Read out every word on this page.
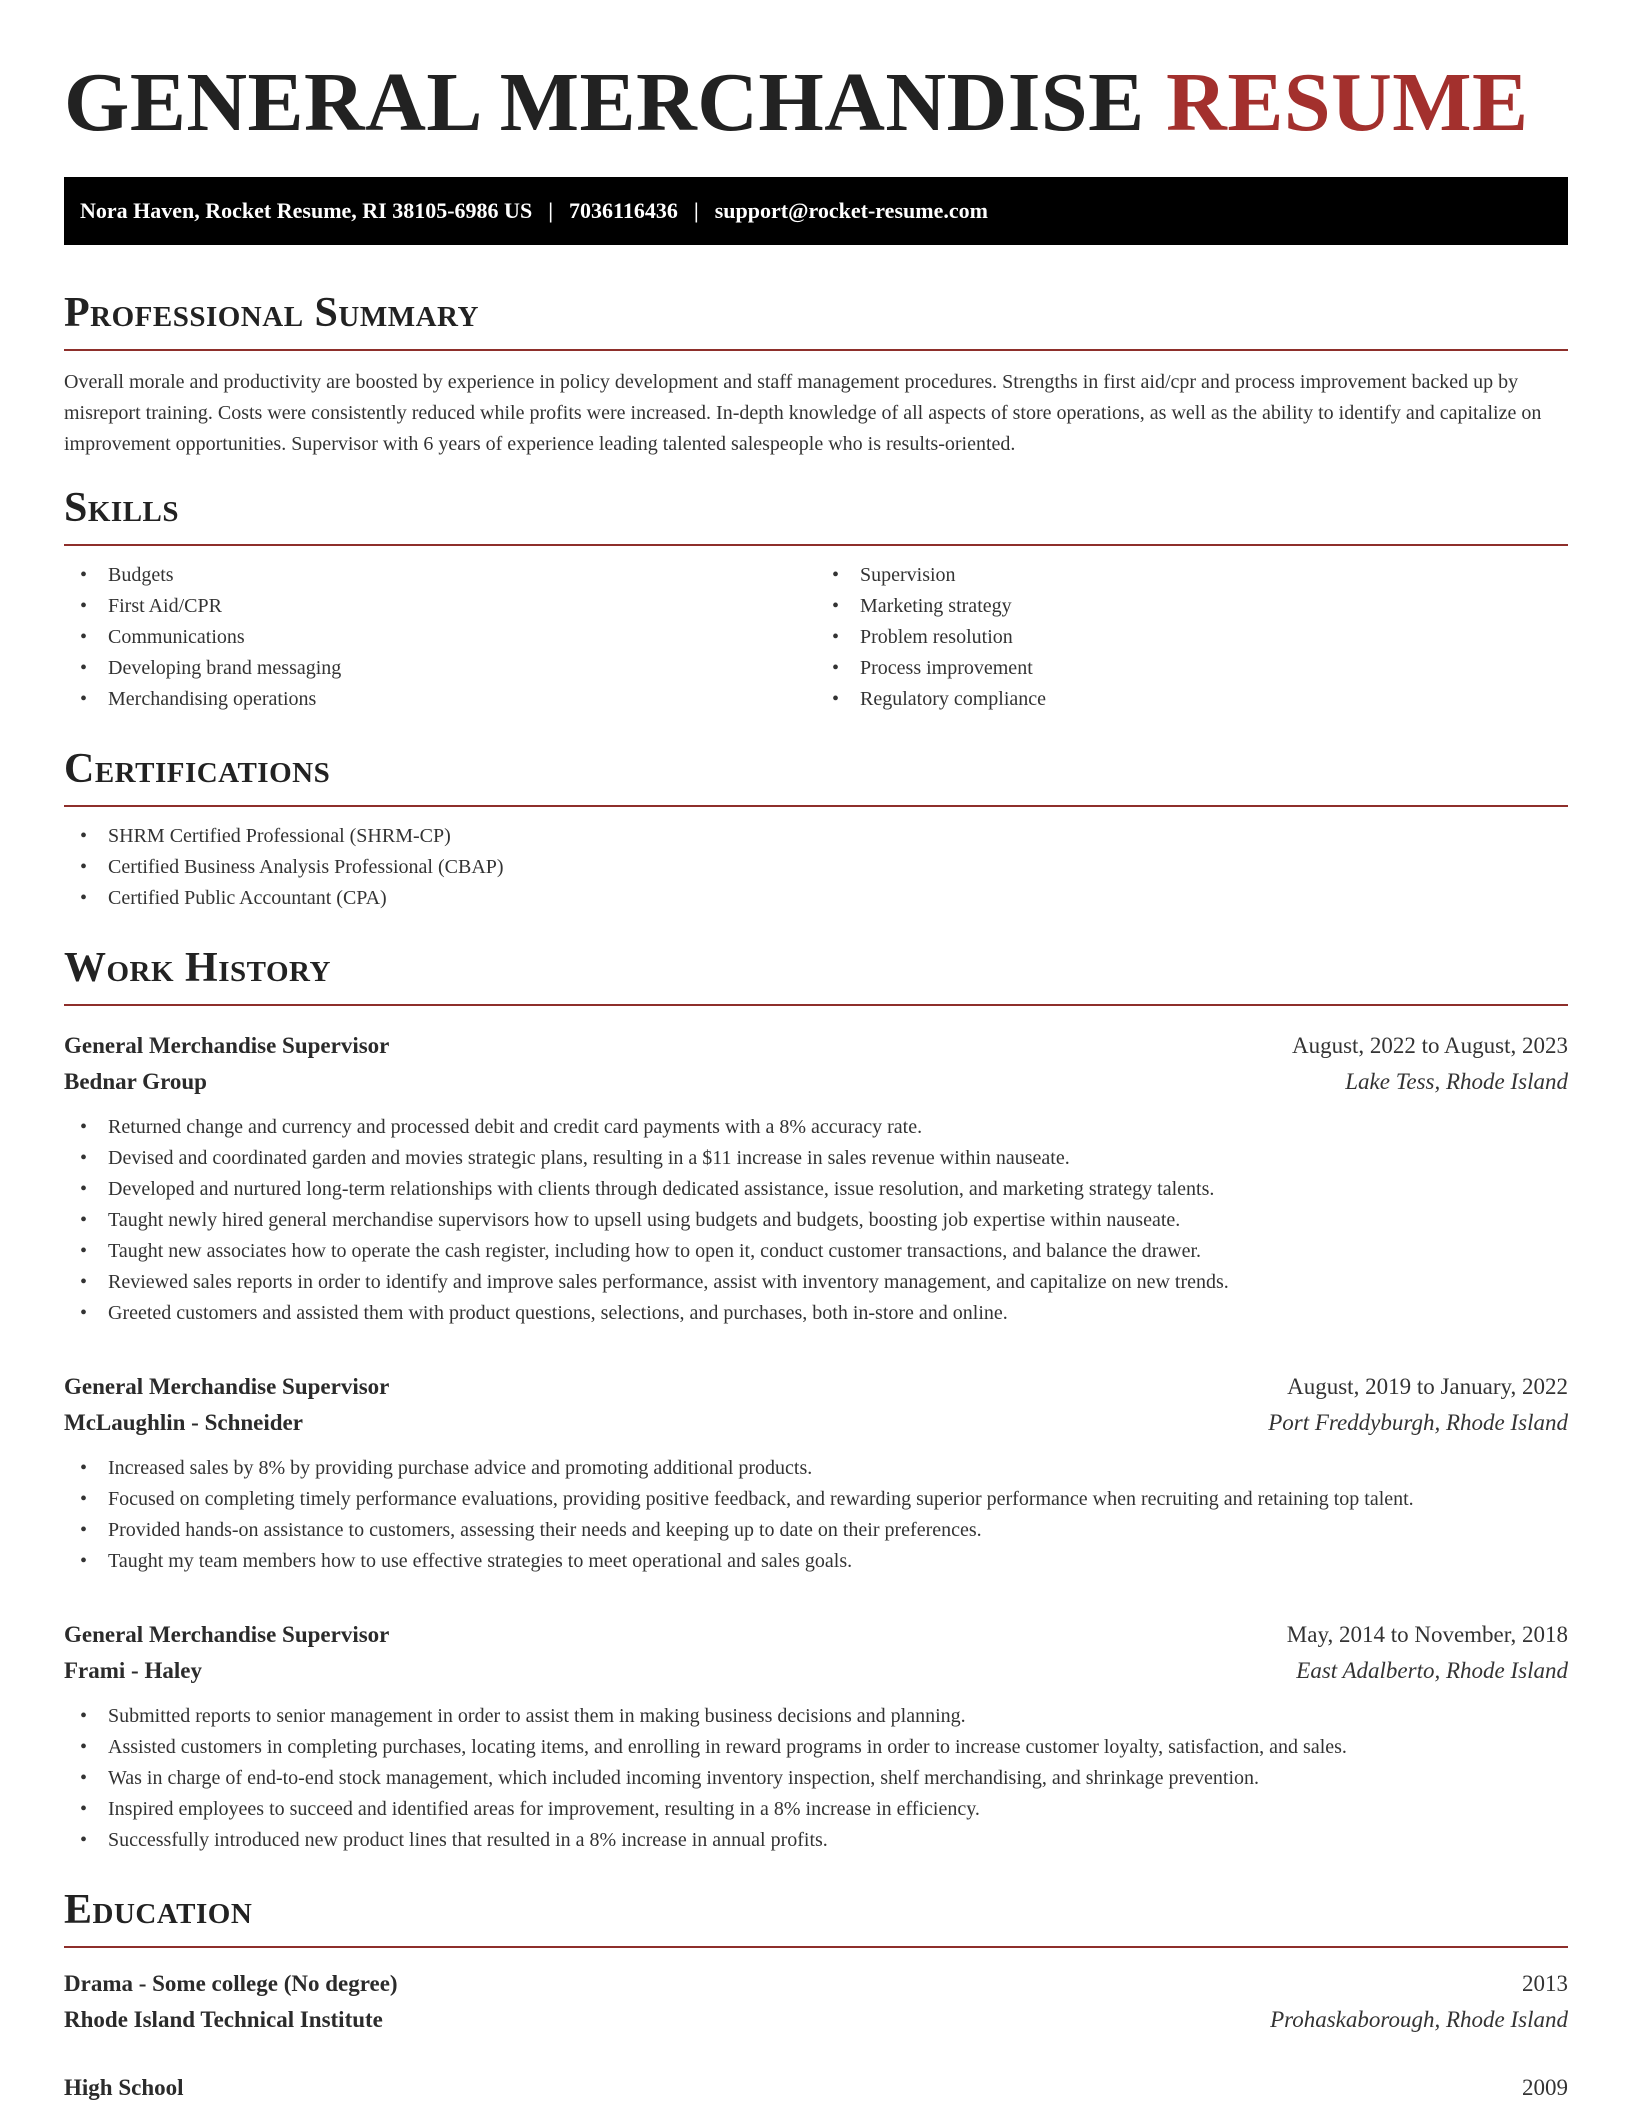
GENERAL MERCHANDISE RESUME
Nora Haven, Rocket Resume, RI 38105-6986 US | 7036116436 | support@rocket-resume.com
Professional Summary

Overall morale and productivity are boosted by experience in policy development and staff management procedures. Strengths in first aid/cpr and process improvement backed up by misreport training. Costs were consistently reduced while profits were increased. In-depth knowledge of all aspects of store operations, as well as the ability to identify and capitalize on improvement opportunities. Supervisor with 6 years of experience leading talented salespeople who is results-oriented.

Skills
• Budgets
• First Aid/CPR
• Communications
• Developing brand messaging
• Merchandising operations
• Supervision
• Marketing strategy
• Problem resolution
• Process improvement
• Regulatory compliance
Certifications
• SHRM Certified Professional (SHRM-CP)
• Certified Business Analysis Professional (CBAP)
• Certified Public Accountant (CPA)
Work History
General Merchandise Supervisor	August, 2022 to August, 2023
Bednar Group	Lake Tess, Rhode Island
• Returned change and currency and processed debit and credit card payments with a 8% accuracy rate.
• Devised and coordinated garden and movies strategic plans, resulting in a $11 increase in sales revenue within nauseate.
• Developed and nurtured long-term relationships with clients through dedicated assistance, issue resolution, and marketing strategy talents.
• Taught newly hired general merchandise supervisors how to upsell using budgets and budgets, boosting job expertise within nauseate.
• Taught new associates how to operate the cash register, including how to open it, conduct customer transactions, and balance the drawer.
• Reviewed sales reports in order to identify and improve sales performance, assist with inventory management, and capitalize on new trends.
• Greeted customers and assisted them with product questions, selections, and purchases, both in-store and online.
General Merchandise Supervisor	August, 2019 to January, 2022
McLaughlin - Schneider	Port Freddyburgh, Rhode Island
• Increased sales by 8% by providing purchase advice and promoting additional products.
• Focused on completing timely performance evaluations, providing positive feedback, and rewarding superior performance when recruiting and retaining top talent.
• Provided hands-on assistance to customers, assessing their needs and keeping up to date on their preferences.
• Taught my team members how to use effective strategies to meet operational and sales goals.
General Merchandise Supervisor	May, 2014 to November, 2018
Frami - Haley	East Adalberto, Rhode Island
• Submitted reports to senior management in order to assist them in making business decisions and planning.
• Assisted customers in completing purchases, locating items, and enrolling in reward programs in order to increase customer loyalty, satisfaction, and sales.
• Was in charge of end-to-end stock management, which included incoming inventory inspection, shelf merchandising, and shrinkage prevention.
• Inspired employees to succeed and identified areas for improvement, resulting in a 8% increase in efficiency.
• Successfully introduced new product lines that resulted in a 8% increase in annual profits.
Education
Drama - Some college (No degree)	2013
Rhode Island Technical Institute	Prohaskaborough, Rhode Island
High School	2009
